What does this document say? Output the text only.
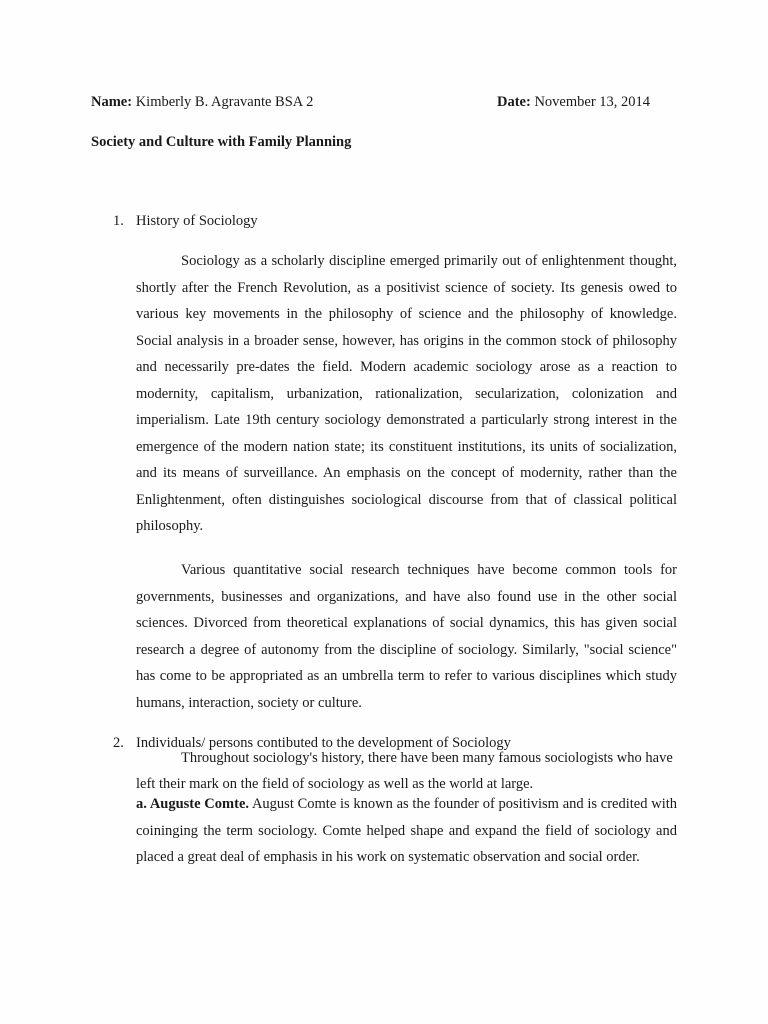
Name: Kimberly B. Agravante BSA 2	Date: November 13, 2014
Society and Culture with Family Planning
1. History of Sociology

Sociology as a scholarly discipline emerged primarily out of enlightenment thought, shortly after the French Revolution, as a positivist science of society. Its genesis owed to various key movements in the philosophy of science and the philosophy of knowledge. Social analysis in a broader sense, however, has origins in the common stock of philosophy and necessarily pre-dates the field. Modern academic sociology arose as a reaction to modernity, capitalism, urbanization, rationalization, secularization, colonization and imperialism. Late 19th century sociology demonstrated a particularly strong interest in the emergence of the modern nation state; its constituent institutions, its units of socialization, and its means of surveillance. An emphasis on the concept of modernity, rather than the Enlightenment, often distinguishes sociological discourse from that of classical political philosophy.

Various quantitative social research techniques have become common tools for governments, businesses and organizations, and have also found use in the other social sciences. Divorced from theoretical explanations of social dynamics, this has given social research a degree of autonomy from the discipline of sociology. Similarly, "social science" has come to be appropriated as an umbrella term to refer to various disciplines which study humans, interaction, society or culture.

2. Individuals/ persons contibuted to the development of Sociology

Throughout sociology's history, there have been many famous sociologists who have left their mark on the field of sociology as well as the world at large.

a. Auguste Comte. August Comte is known as the founder of positivism and is credited with coininging the term sociology. Comte helped shape and expand the field of sociology and placed a great deal of emphasis in his work on systematic observation and social order.
